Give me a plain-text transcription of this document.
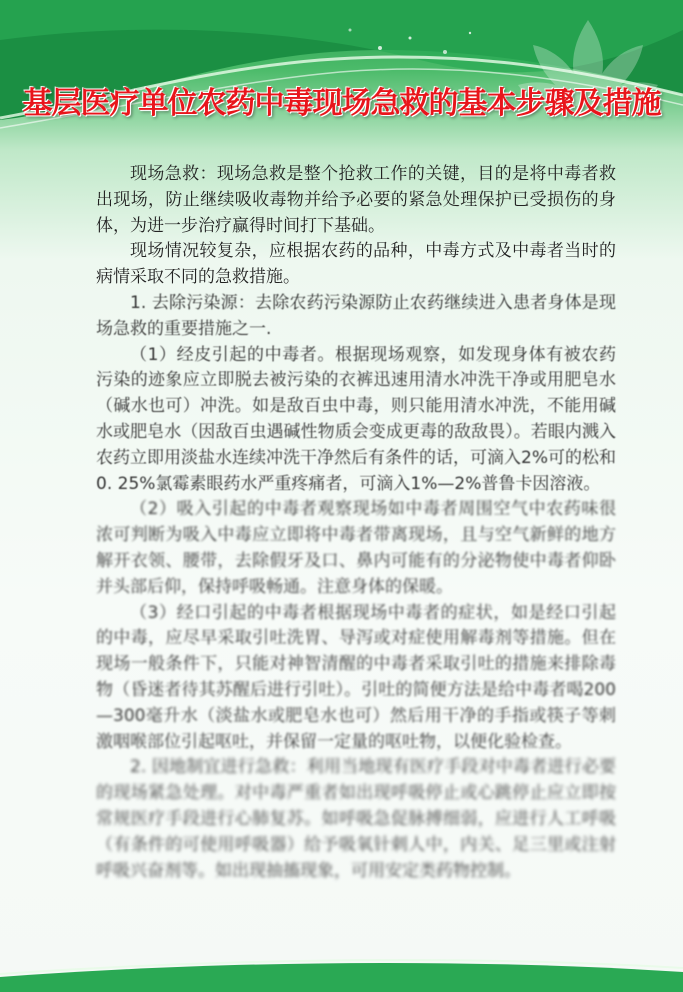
基层医疗单位农药中毒现场急救的基本步骤及措施

现场急救：现场急救是整个抢救工作的关键，目的是将中毒者救出现场，防止继续吸收毒物并给予必要的紧急处理保护已受损伤的身体，为进一步治疗赢得时间打下基础。

现场情况较复杂，应根据农药的品种，中毒方式及中毒者当时的病情采取不同的急救措施。

1. 去除污染源：去除农药污染源防止农药继续进入患者身体是现场急救的重要措施之一.

（1）经皮引起的中毒者。根据现场观察，如发现身体有被农药污染的迹象应立即脱去被污染的衣裤迅速用清水冲洗干净或用肥皂水（碱水也可）冲洗。如是敌百虫中毒，则只能用清水冲洗，不能用碱水或肥皂水（因敌百虫遇碱性物质会变成更毒的敌敌畏）。若眼内溅入农药立即用淡盐水连续冲洗干净然后有条件的话，可滴入2%可的松和0. 25%氯霉素眼药水严重疼痛者，可滴入1%—2%普鲁卡因溶液。

（2）吸入引起的中毒者观察现场如中毒者周围空气中农药味很浓可判断为吸入中毒应立即将中毒者带离现场，且与空气新鲜的地方解开衣领、腰带，去除假牙及口、鼻内可能有的分泌物使中毒者仰卧并头部后仰，保持呼吸畅通。注意身体的保暖。

（3）经口引起的中毒者根据现场中毒者的症状，如是经口引起的中毒，应尽早采取引吐洗胃、导泻或对症使用解毒剂等措施。但在现场一般条件下，只能对神智清醒的中毒者采取引吐的措施来排除毒物（昏迷者待其苏醒后进行引吐）。引吐的简便方法是给中毒者喝200—300毫升水（淡盐水或肥皂水也可）然后用干净的手指或筷子等刺激咽喉部位引起呕吐，并保留一定量的呕吐物，以便化验检查。

2. 因地制宜进行急救：利用当地现有医疗手段对中毒者进行必要的现场紧急处理。对中毒严重者如出现呼吸停止或心跳停止应立即按常规医疗手段进行心肺复苏。如呼吸急促脉搏细弱，应进行人工呼吸（有条件的可使用呼吸器）给予吸氧针刺人中，内关、足三里或注射呼吸兴奋剂等。如出现抽搐现象，可用安定类药物控制。
